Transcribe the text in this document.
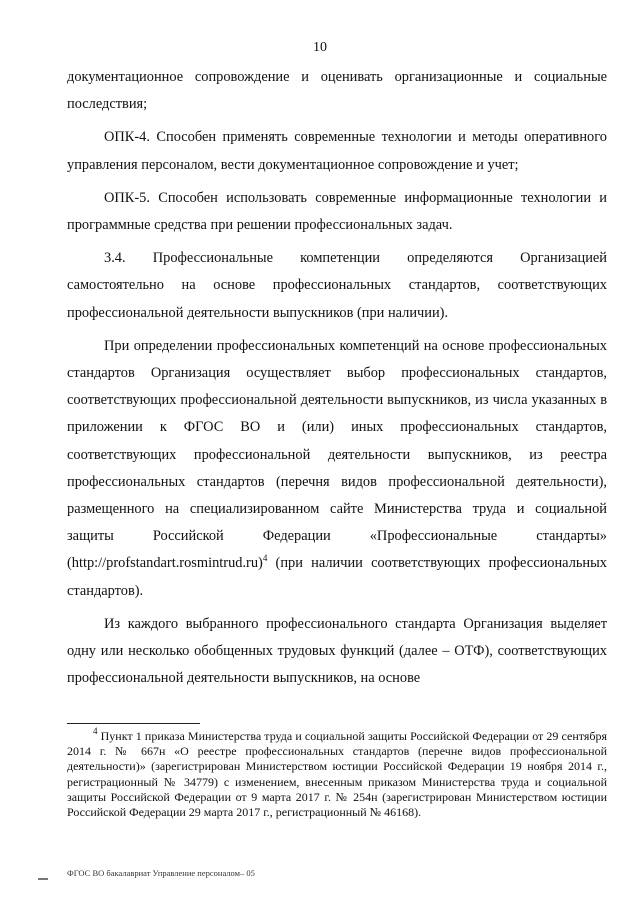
10

документационное сопровождение и оценивать организационные и социальные последствия;

ОПК-4. Способен применять современные технологии и методы оперативного управления персоналом, вести документационное сопровождение и учет;

ОПК-5. Способен использовать современные информационные технологии и программные средства при решении профессиональных задач.

3.4. Профессиональные компетенции определяются Организацией самостоятельно на основе профессиональных стандартов, соответствующих профессиональной деятельности выпускников (при наличии).

При определении профессиональных компетенций на основе профессиональных стандартов Организация осуществляет выбор профессиональных стандартов, соответствующих профессиональной деятельности выпускников, из числа указанных в приложении к ФГОС ВО и (или) иных профессиональных стандартов, соответствующих профессиональной деятельности выпускников, из реестра профессиональных стандартов (перечня видов профессиональной деятельности), размещенного на специализированном сайте Министерства труда и социальной защиты Российской Федерации «Профессиональные стандарты» (http://profstandart.rosmintrud.ru)$^4$ (при наличии соответствующих профессиональных стандартов).

Из каждого выбранного профессионального стандарта Организация выделяет одну или несколько обобщенных трудовых функций (далее – ОТФ), соответствующих профессиональной деятельности выпускников, на основе

$^4$ Пункт 1 приказа Министерства труда и социальной защиты Российской Федерации от 29 сентября 2014 г. № 667н «О реестре профессиональных стандартов (перечне видов профессиональной деятельности)» (зарегистрирован Министерством юстиции Российской Федерации 19 ноября 2014 г., регистрационный № 34779) с изменением, внесенным приказом Министерства труда и социальной защиты Российской Федерации от 9 марта 2017 г. № 254н (зарегистрирован Министерством юстиции Российской Федерации 29 марта 2017 г., регистрационный № 46168).
ФГОС ВО бакалавриат Управление персоналом– 05
